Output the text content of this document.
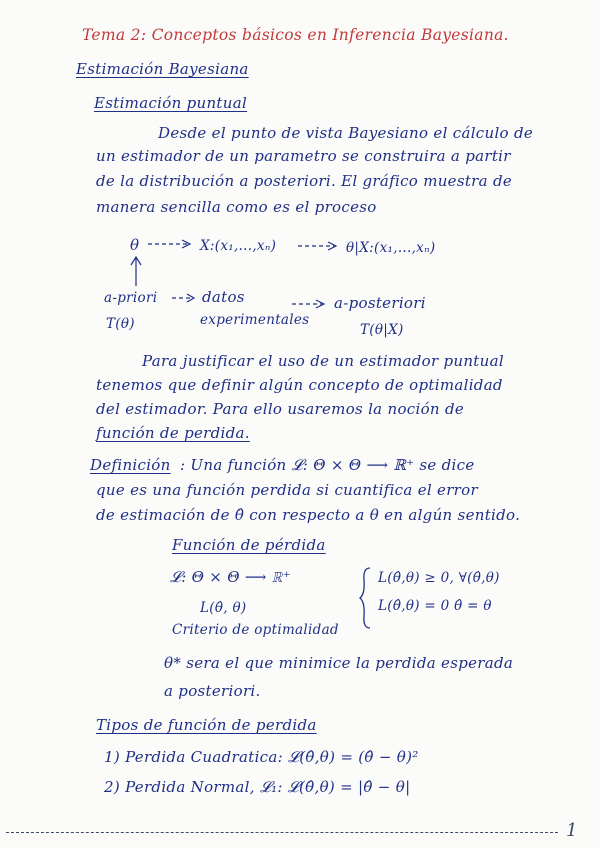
Tema 2: Conceptos básicos en Inferencia Bayesiana.
Estimación Bayesiana
Estimación puntual
Desde el punto de vista Bayesiano el cálculo de
un estimador de un parametro se construira a partir
de la distribución a posteriori. El gráfico muestra de
manera sencilla como es el proceso
θ	X:(x₁,...,xₙ)	θ|X:(x₁,...,xₙ)
a-priori	datos	a-posteriori
T(θ)	experimentales
T(θ|X)
Para justificar el uso de un estimador puntual
tenemos que definir algún concepto de optimalidad
del estimador. Para ello usaremos la noción de
función de perdida.
Definición : Una función 𝓛: Θ × Θ ⟶ ℝ⁺ se dice
que es una función perdida si cuantifica el error
de estimación de θ̂ con respecto a θ en algún sentido.
Función de pérdida
𝓛: Θ × Θ ⟶ ℝ⁺
L(θ̂, θ)
Criterio de optimalidad
L(θ̂,θ) ≥ 0, ∀(θ̂,θ)
L(θ̂,θ) = 0 θ̂ = θ
θ* sera el que minimice la perdida esperada
a posteriori.
Tipos de función de perdida
1) Perdida Cuadratica: 𝓛(θ̂,θ) = (θ̂ − θ)²
2) Perdida Normal, 𝓛₁: 𝓛(θ̂,θ) = |θ̂ − θ|
1
